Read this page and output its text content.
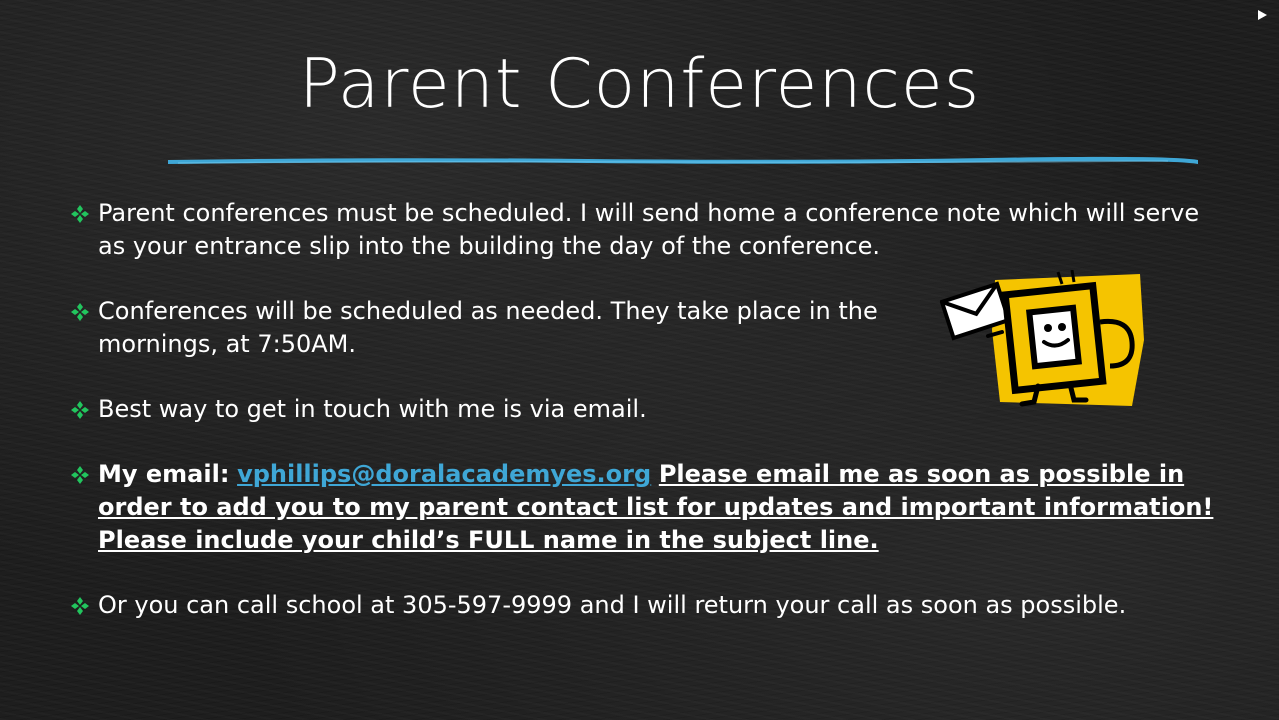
Parent Conferences
Parent conferences must be scheduled. I will send home a conference note which will serve as your entrance slip into the building the day of the conference.
Conferences will be scheduled as needed. They take place in the mornings, at 7:50AM.
Best way to get in touch with me is via email.
My email: vphillips@doralacademyes.org Please email me as soon as possible in order to add you to my parent contact list for updates and important information! Please include your child’s FULL name in the subject line.
Or you can call school at 305-597-9999 and I will return your call as soon as possible.
